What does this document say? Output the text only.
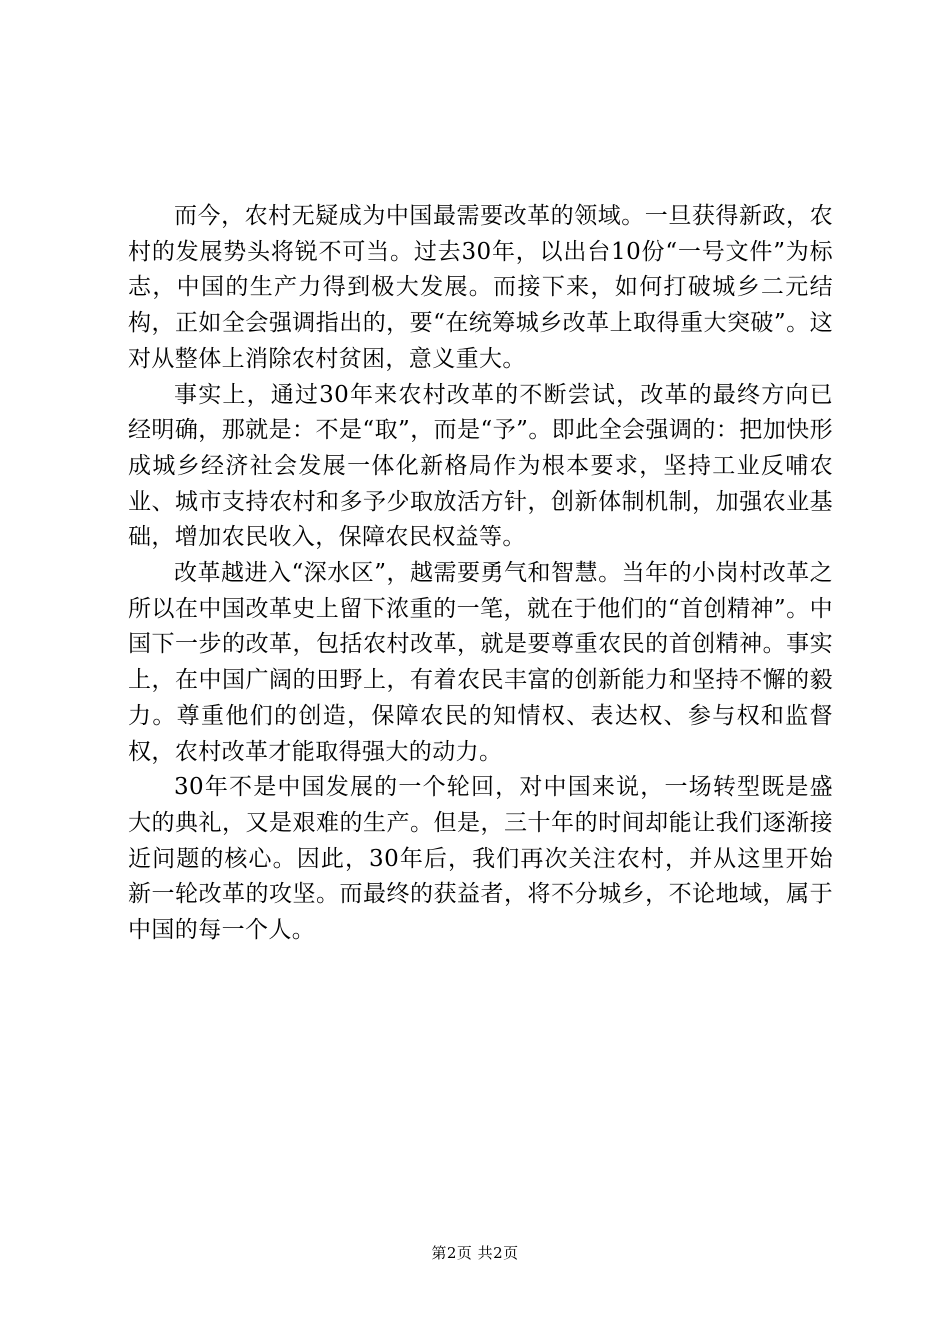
而今，农村无疑成为中国最需要改革的领域。一旦获得新政，农村的发展势头将锐不可当。过去30年，以出台10份“一号文件”为标志，中国的生产力得到极大发展。而接下来，如何打破城乡二元结构，正如全会强调指出的，要“在统筹城乡改革上取得重大突破”。这对从整体上消除农村贫困，意义重大。

事实上，通过30年来农村改革的不断尝试，改革的最终方向已经明确，那就是：不是“取”，而是“予”。即此全会强调的：把加快形成城乡经济社会发展一体化新格局作为根本要求，坚持工业反哺农业、城市支持农村和多予少取放活方针，创新体制机制，加强农业基础，增加农民收入，保障农民权益等。

改革越进入“深水区”，越需要勇气和智慧。当年的小岗村改革之所以在中国改革史上留下浓重的一笔，就在于他们的“首创精神”。中国下一步的改革，包括农村改革，就是要尊重农民的首创精神。事实上，在中国广阔的田野上，有着农民丰富的创新能力和坚持不懈的毅力。尊重他们的创造，保障农民的知情权、表达权、参与权和监督权，农村改革才能取得强大的动力。

30年不是中国发展的一个轮回，对中国来说，一场转型既是盛大的典礼，又是艰难的生产。但是，三十年的时间却能让我们逐渐接近问题的核心。因此，30年后，我们再次关注农村，并从这里开始新一轮改革的攻坚。而最终的获益者，将不分城乡，不论地域，属于中国的每一个人。

第2页 共2页
